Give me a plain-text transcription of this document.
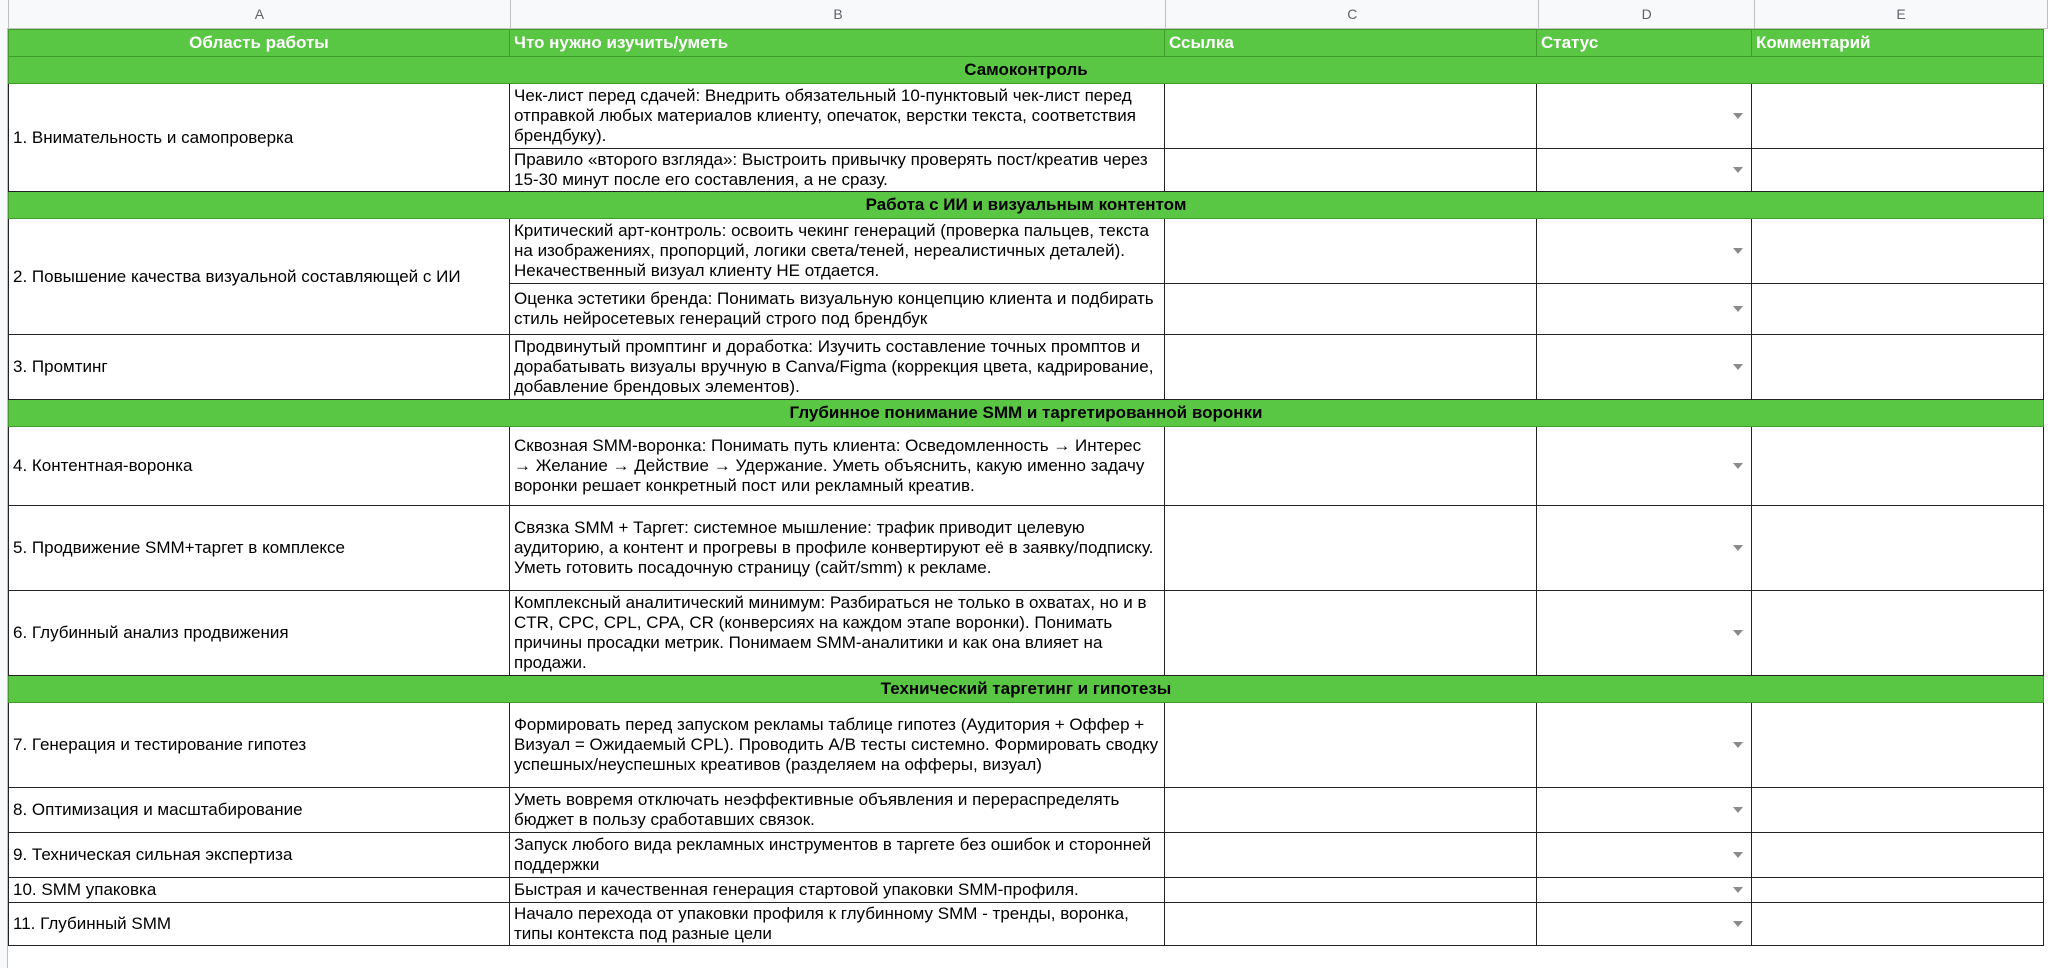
A	B	C	D	E
Область работы	Что нужно изучить/уметь	Ссылка	Статус	Комментарий
Самоконтроль				
1. Внимательность и самопроверка	Чек-лист перед сдачей: Внедрить обязательный 10-пунктовый чек-лист перед отправкой любых материалов клиенту, опечаток, верстки текста, соответствия брендбуку).		

	Правило «второго взгляда»: Выстроить привычку проверять пост/креатив через 15-30 минут после его составления, а не сразу.		

Работа с ИИ и визуальным контентом				
2. Повышение качества визуальной составляющей с ИИ	Критический арт-контроль: освоить чекинг генераций (проверка пальцев, текста на изображениях, пропорций, логики света/теней, нереалистичных деталей). Некачественный визуал клиенту НЕ отдается.		

	Оценка эстетики бренда: Понимать визуальную концепцию клиента и подбирать стиль нейросетевых генераций строго под брендбук		

3. Промтинг	Продвинутый промптинг и доработка: Изучить составление точных промптов и дорабатывать визуалы вручную в Canva/Figma (коррекция цвета, кадрирование, добавление брендовых элементов).		

Глубинное понимание SMM и таргетированной воронки				
4. Контентная-воронка	Сквозная SMM-воронка: Понимать путь клиента: Осведомленность → Интерес → Желание → Действие → Удержание. Уметь объяснить, какую именно задачу воронки решает конкретный пост или рекламный креатив.		

5. Продвижение SMM+таргет в комплексе	Связка SMM + Таргет: системное мышление: трафик приводит целевую аудиторию, а контент и прогревы в профиле конвертируют её в заявку/подписку. Уметь готовить посадочную страницу (сайт/smm) к рекламе.		

6. Глубинный анализ продвижения	Комплексный аналитический минимум: Разбираться не только в охватах, но и в CTR, CPC, CPL, CPA, CR (конверсиях на каждом этапе воронки). Понимать причины просадки метрик. Понимаем SMM-аналитики и как она влияет на продажи.		

Технический таргетинг и гипотезы				
7. Генерация и тестирование гипотез	Формировать перед запуском рекламы таблице гипотез (Аудитория + Оффер + Визуал = Ожидаемый CPL). Проводить A/B тесты системно. Формировать сводку успешных/неуспешных креативов (разделяем на офферы, визуал)		

8. Оптимизация и масштабирование	Уметь вовремя отключать неэффективные объявления и перераспределять бюджет в пользу сработавших связок.		

9. Техническая сильная экспертиза	Запуск любого вида рекламных инструментов в таргете без ошибок и сторонней поддержки		

10. SMM упаковка	Быстрая и качественная генерация стартовой упаковки SMM-профиля.		

11. Глубинный SMM	Начало перехода от упаковки профиля к глубинному SMM - тренды, воронка, типы контекста под разные цели		
